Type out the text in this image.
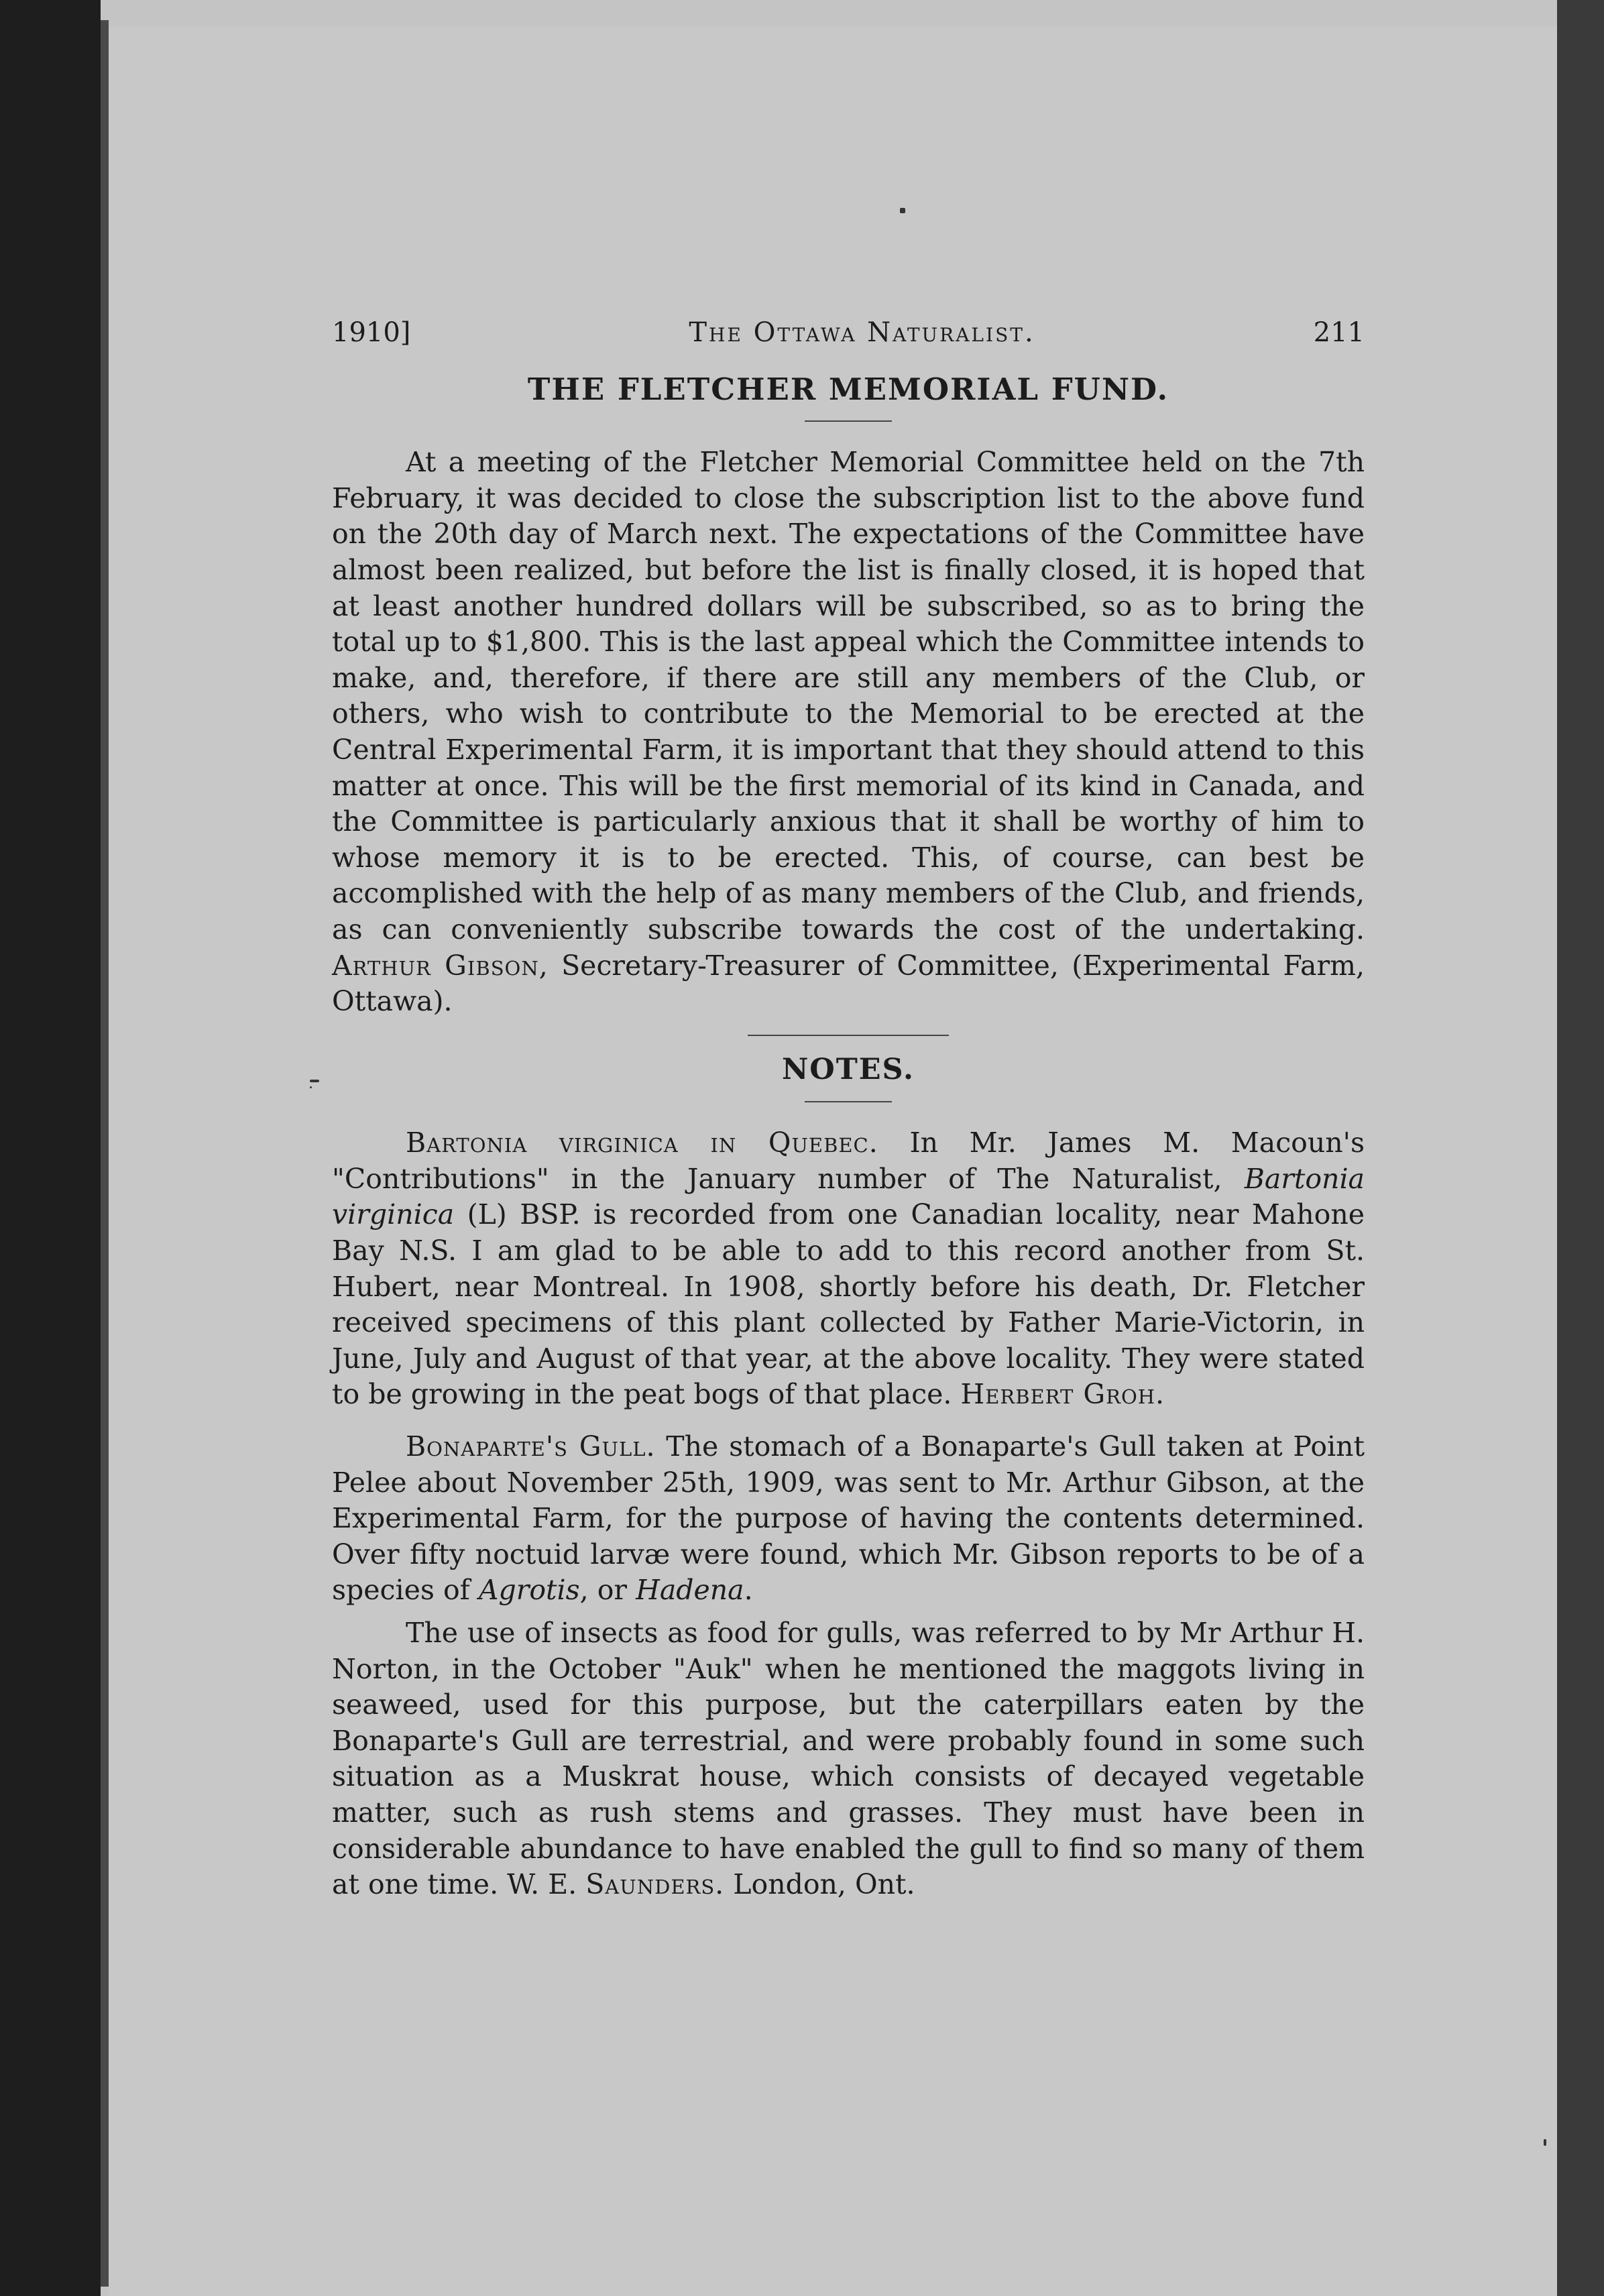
1910]	The Ottawa Naturalist.	211
THE FLETCHER MEMORIAL FUND.

At a meeting of the Fletcher Memorial Committee held on the 7th February, it was decided to close the subscription list to the above fund on the 20th day of March next. The expectations of the Committee have almost been realized, but before the list is finally closed, it is hoped that at least another hundred dollars will be subscribed, so as to bring the total up to $1,800. This is the last appeal which the Committee intends to make, and, therefore, if there are still any members of the Club, or others, who wish to contribute to the Memorial to be erected at the Central Experimental Farm, it is important that they should attend to this matter at once. This will be the first memorial of its kind in Canada, and the Committee is particularly anxious that it shall be worthy of him to whose memory it is to be erected. This, of course, can best be accomplished with the help of as many members of the Club, and friends, as can conveniently subscribe towards the cost of the undertaking. Arthur Gibson, Secretary-Treasurer of Committee, (Experimental Farm, Ottawa).

NOTES.

Bartonia virginica in Quebec. In Mr. James M. Macoun's "Contributions" in the January number of The Naturalist, Bartonia virginica (L) BSP. is recorded from one Canadian locality, near Mahone Bay N.S. I am glad to be able to add to this record another from St. Hubert, near Montreal. In 1908, shortly before his death, Dr. Fletcher received specimens of this plant collected by Father Marie-Victorin, in June, July and August of that year, at the above locality. They were stated to be growing in the peat bogs of that place. Herbert Groh.

Bonaparte's Gull. The stomach of a Bonaparte's Gull taken at Point Pelee about November 25th, 1909, was sent to Mr. Arthur Gibson, at the Experimental Farm, for the purpose of having the contents determined. Over fifty noctuid larvæ were found, which Mr. Gibson reports to be of a species of Agrotis, or Hadena.

The use of insects as food for gulls, was referred to by Mr Arthur H. Norton, in the October "Auk" when he mentioned the maggots living in seaweed, used for this purpose, but the caterpillars eaten by the Bonaparte's Gull are terrestrial, and were probably found in some such situation as a Muskrat house, which consists of decayed vegetable matter, such as rush stems and grasses. They must have been in considerable abundance to have enabled the gull to find so many of them at one time. W. E. Saunders. London, Ont.
